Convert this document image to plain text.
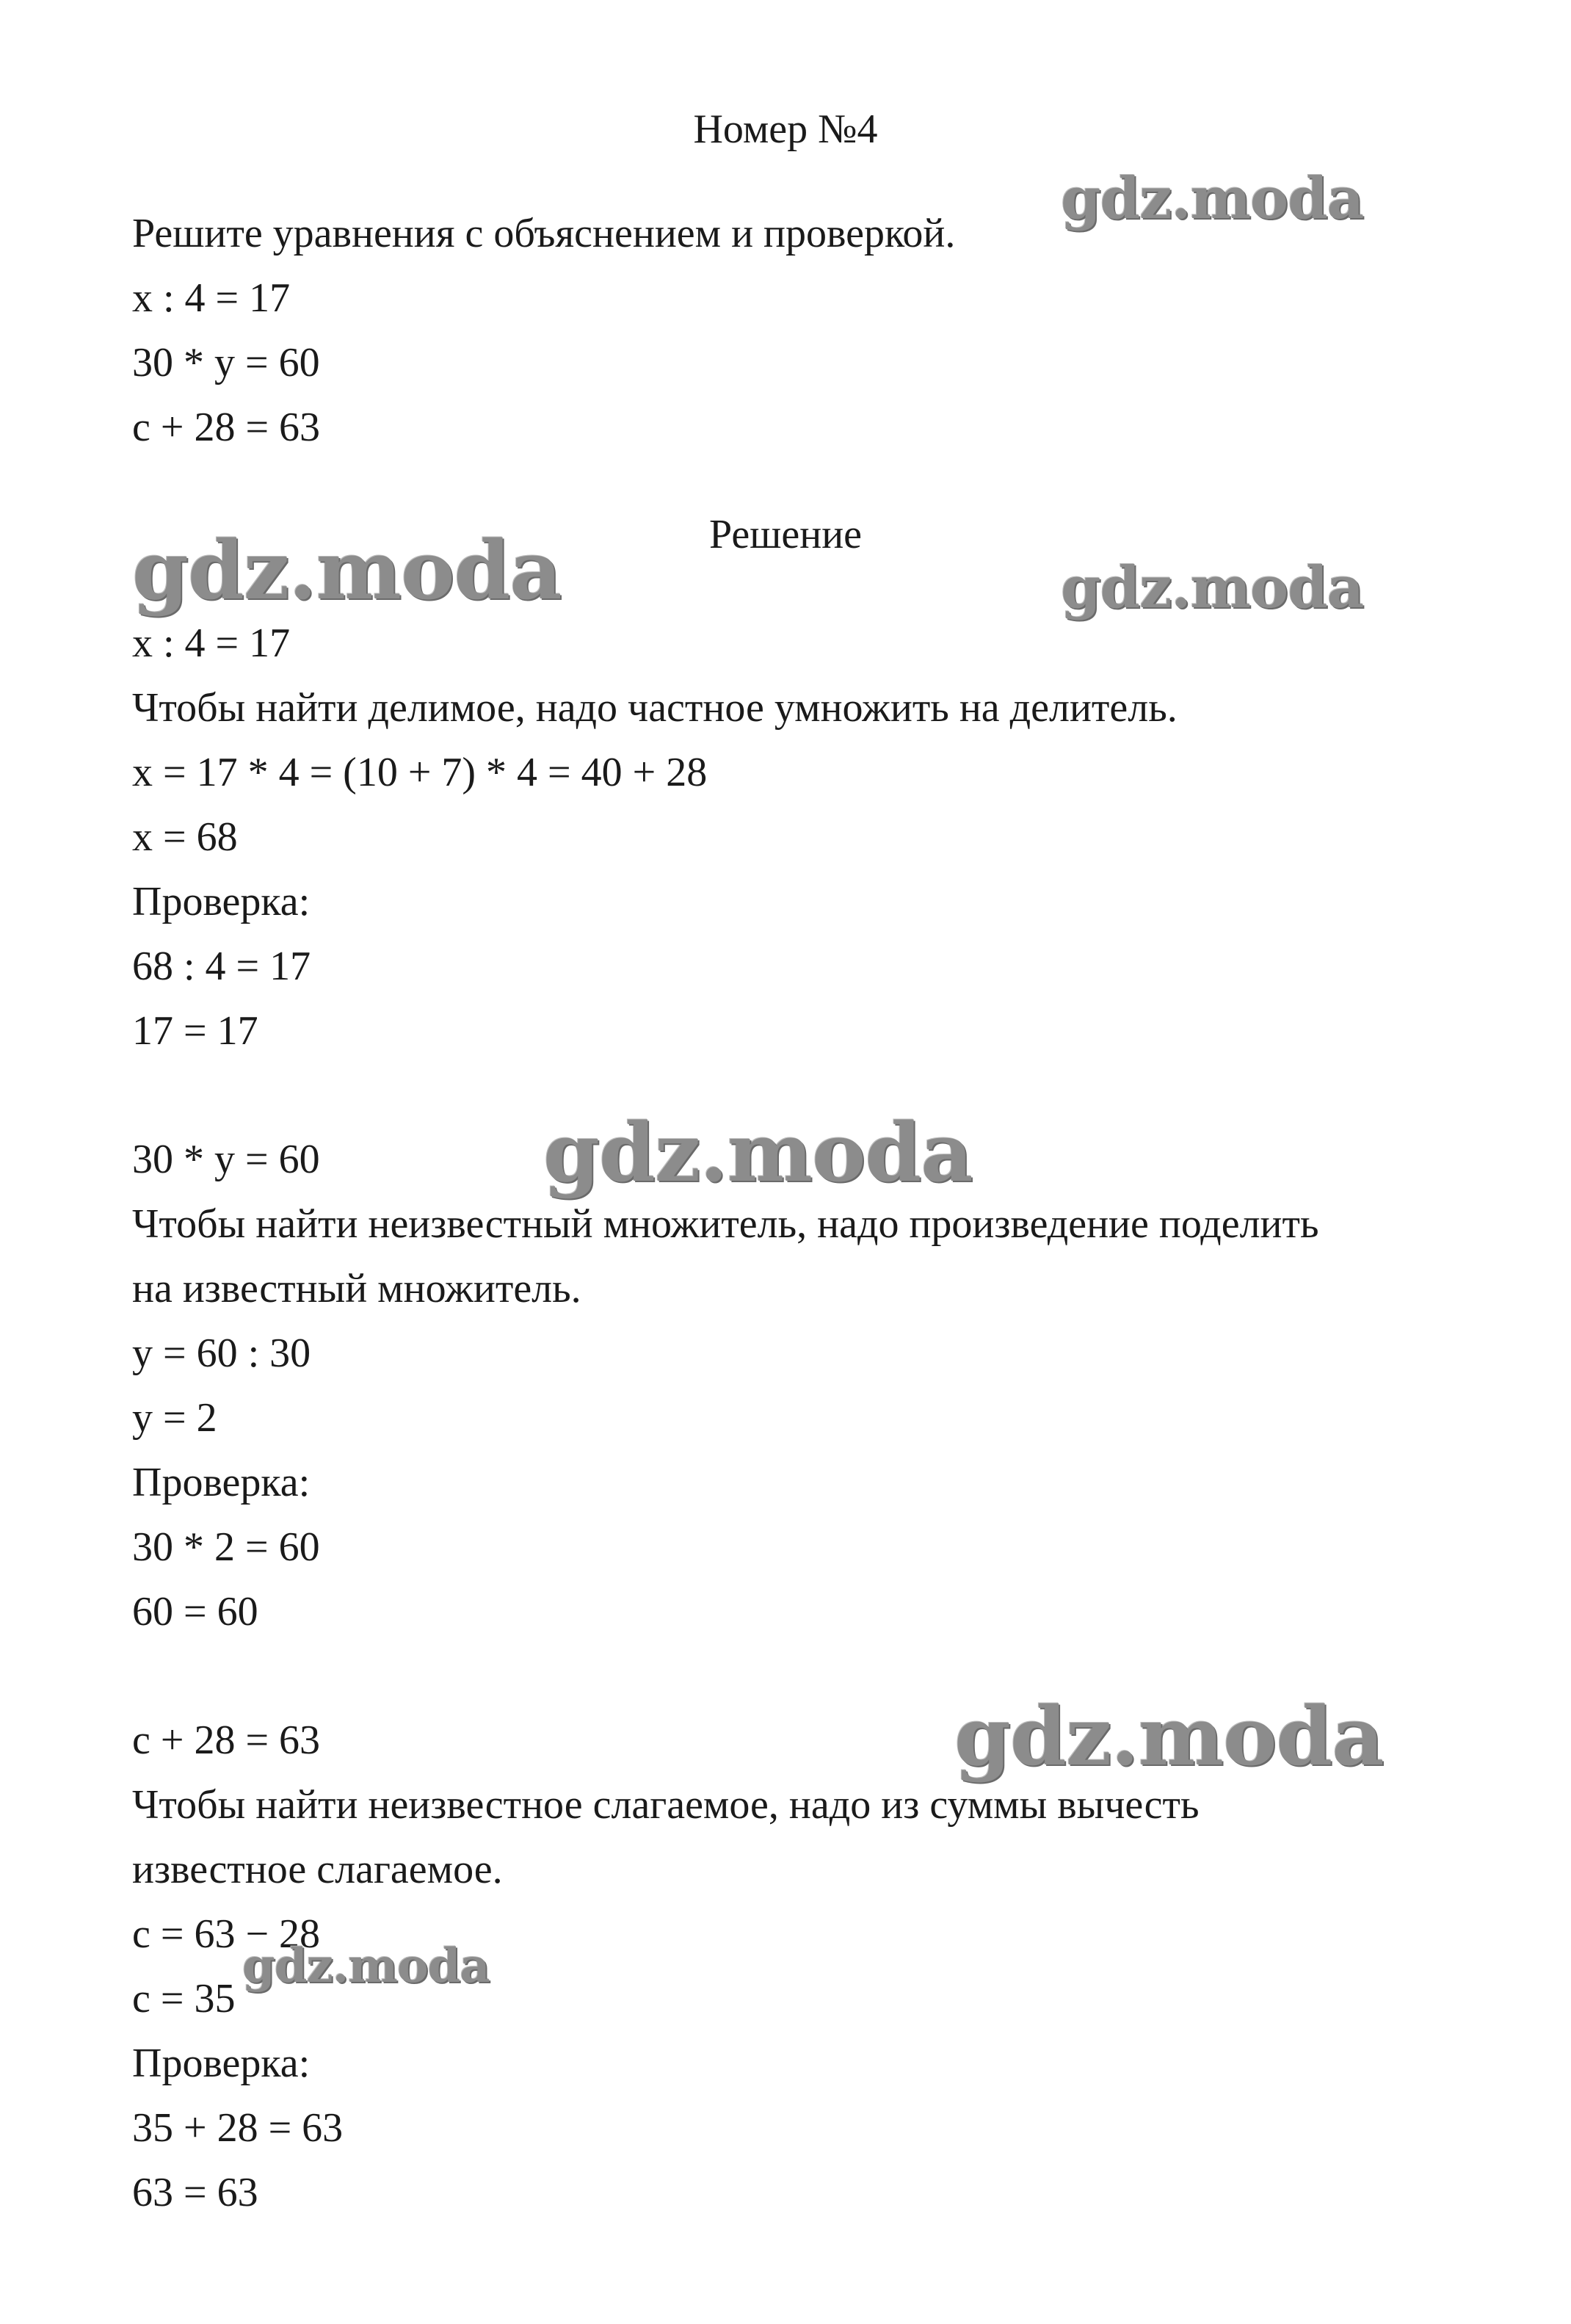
Номер №4
Решите уравнения с объяснением и проверкой.
x : 4 = 17
30 * y = 60
c + 28 = 63
Решение
x : 4 = 17
Чтобы найти делимое, надо частное умножить на делитель.
x = 17 * 4 = (10 + 7) * 4 = 40 + 28
x = 68
Проверка:
68 : 4 = 17
17 = 17
30 * y = 60
Чтобы найти неизвестный множитель, надо произведение поделить
на известный множитель.
y = 60 : 30
y = 2
Проверка:
30 * 2 = 60
60 = 60
c + 28 = 63
Чтобы найти неизвестное слагаемое, надо из суммы вычесть
известное слагаемое.
c = 63 − 28
c = 35
Проверка:
35 + 28 = 63
63 = 63
gdz.moda
gdz.moda	gdz.moda
gdz.moda
gdz.moda
gdz.moda
